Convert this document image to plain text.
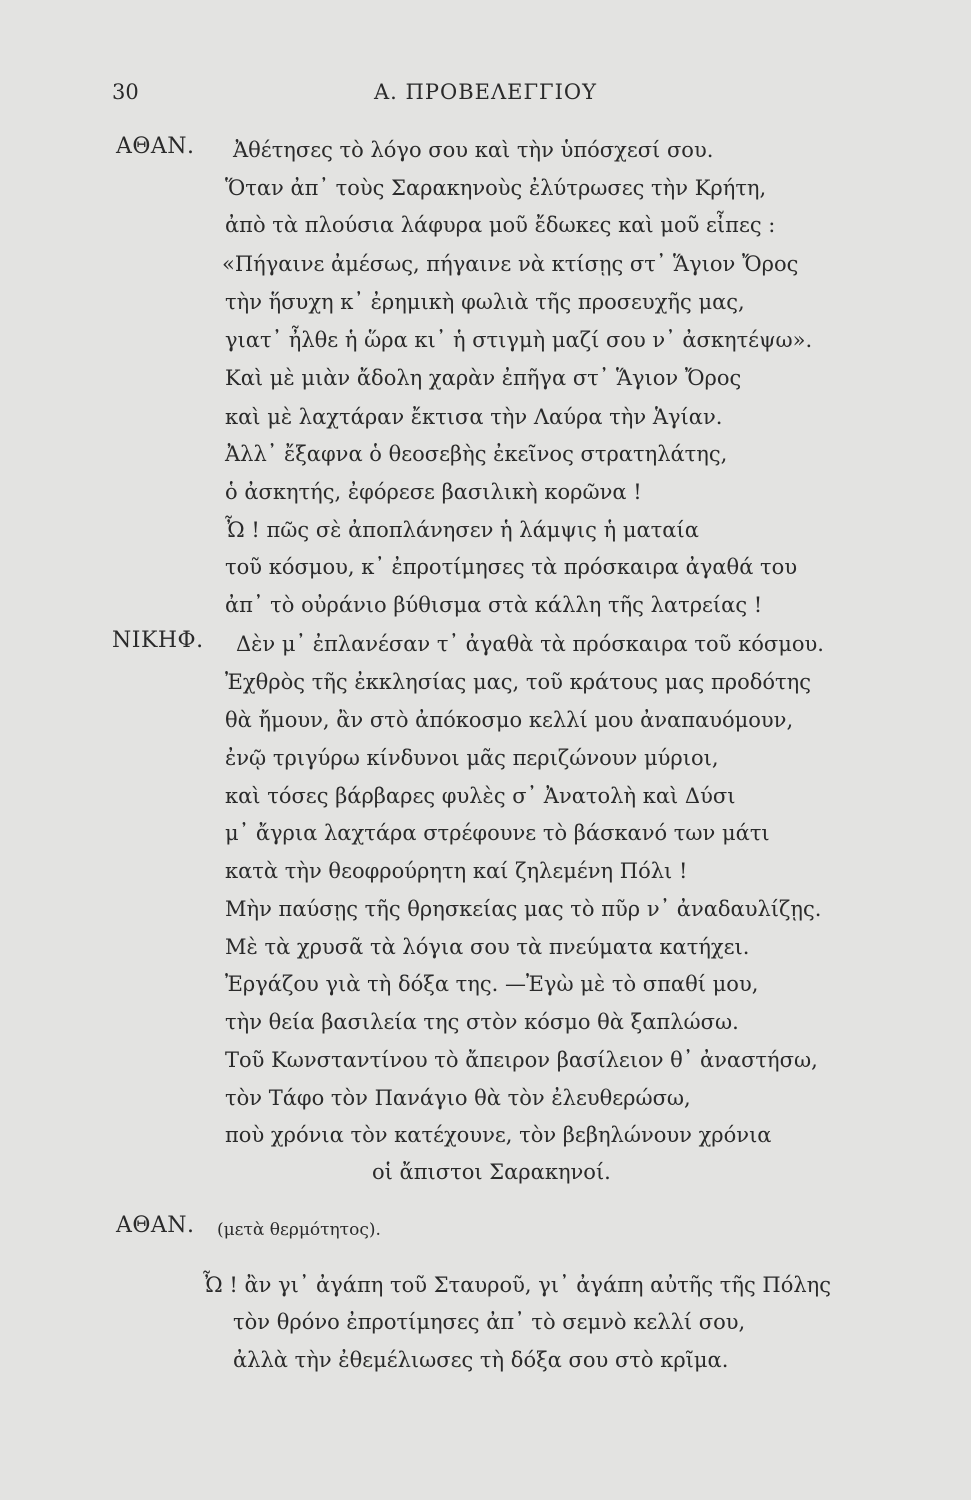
30	Α. ΠΡΟΒΕΛΕΓΓΙΟΥ
ΑΘΑΝ. Ἀθέτησες τὸ λόγο σου καὶ τὴν ὑπόσχεσί σου.
Ὅταν ἀπ᾽ τοὺς Σαρακηνοὺς ἐλύτρωσες τὴν Κρήτη,
ἀπὸ τὰ πλούσια λάφυρα μοῦ ἔδωκες καὶ μοῦ εἶπες :
«Πήγαινε ἀμέσως, πήγαινε νὰ κτίσῃς στ᾽ Ἅγιον Ὄρος
τὴν ἥσυχη κ᾽ ἐρημικὴ φωλιὰ τῆς προσευχῆς μας,
γιατ᾽ ἦλθε ἡ ὥρα κι᾽ ἡ στιγμὴ μαζί σου ν᾽ ἀσκητέψω».
Καὶ μὲ μιὰν ἄδολη χαρὰν ἐπῆγα στ᾽ Ἅγιον Ὄρος
καὶ μὲ λαχτάραν ἔκτισα τὴν Λαύρα τὴν Ἁγίαν.
Ἀλλ᾽ ἔξαφνα ὁ θεοσεβὴς ἐκεῖνος στρατηλάτης,
ὁ ἀσκητής, ἐφόρεσε βασιλικὴ κορῶνα !
Ὦ ! πῶς σὲ ἀποπλάνησεν ἡ λάμψις ἡ ματαία
τοῦ κόσμου, κ᾽ ἐπροτίμησες τὰ πρόσκαιρα ἀγαθά του
ἀπ᾽ τὸ οὐράνιο βύθισμα στὰ κάλλη τῆς λατρείας !
ΝΙΚΗΦ. Δὲν μ᾽ ἐπλανέσαν τ᾽ ἀγαθὰ τὰ πρόσκαιρα τοῦ κόσμου.
Ἐχθρὸς τῆς ἐκκλησίας μας, τοῦ κράτους μας προδότης
θὰ ἤμουν, ἂν στὸ ἀπόκοσμο κελλί μου ἀναπαυόμουν,
ἐνῷ τριγύρω κίνδυνοι μᾶς περιζώνουν μύριοι,
καὶ τόσες βάρβαρες φυλὲς σ᾽ Ἀνατολὴ καὶ Δύσι
μ᾽ ἄγρια λαχτάρα στρέφουνε τὸ βάσκανό των μάτι
κατὰ τὴν θεοφρούρητη καί ζηλεμένη Πόλι !
Μὴν παύσῃς τῆς θρησκείας μας τὸ πῦρ ν᾽ ἀναδαυλίζῃς.
Μὲ τὰ χρυσᾶ τὰ λόγια σου τὰ πνεύματα κατήχει.
Ἐργάζου γιὰ τὴ δόξα της. —Ἐγὼ μὲ τὸ σπαθί μου,
τὴν θεία βασιλεία της στὸν κόσμο θὰ ξαπλώσω.
Τοῦ Κωνσταντίνου τὸ ἄπειρον βασίλειον θ᾽ ἀναστήσω,
τὸν Τάφο τὸν Πανάγιο θὰ τὸν ἐλευθερώσω,
ποὺ χρόνια τὸν κατέχουνε, τὸν βεβηλώνουν χρόνια
οἱ ἄπιστοι Σαρακηνοί.
ΑΘΑΝ. (μετὰ θερμότητος).
Ὦ ! ἂν γι᾽ ἀγάπη τοῦ Σταυροῦ, γι᾽ ἀγάπη αὐτῆς τῆς Πόλης
τὸν θρόνο ἐπροτίμησες ἀπ᾽ τὸ σεμνὸ κελλί σου,
ἀλλὰ τὴν ἐθεμέλιωσες τὴ δόξα σου στὸ κρῖμα.
